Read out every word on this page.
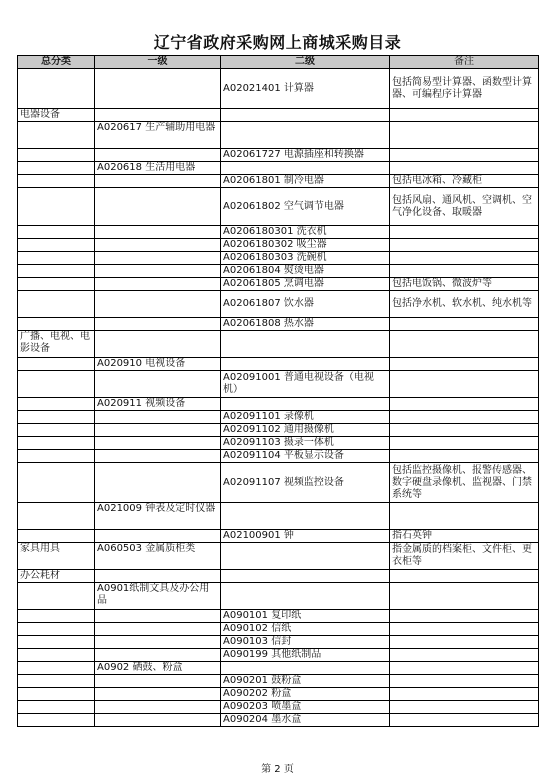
辽宁省政府采购网上商城采购目录
总分类	一级	二级	备注
		A02021401 计算器	包括简易型计算器、函数型计算器、可编程序计算器
电器设备			
	A020617 生产辅助用电器		
		A02061727 电源插座和转换器	
	A020618 生活用电器		
		A02061801 制冷电器	包括电冰箱、冷藏柜
		A02061802 空气调节电器	包括风扇、通风机、空调机、空气净化设备、取暖器
		A0206180301 洗衣机	
		A0206180302 吸尘器	
		A0206180303 洗碗机	
		A02061804 熨烫电器	
		A02061805 烹调电器	包括电饭锅、微波炉等
		A02061807 饮水器	包括净水机、软水机、纯水机等
		A02061808 热水器	
广播、电视、电影设备			
	A020910 电视设备		
		A02091001 普通电视设备（电视机）	
	A020911 视频设备		
		A02091101 录像机	
		A02091102 通用摄像机	
		A02091103 摄录一体机	
		A02091104 平板显示设备	
		A02091107 视频监控设备	包括监控摄像机、报警传感器、数字硬盘录像机、监视器、门禁系统等
	A021009 钟表及定时仪器		
		A02100901 钟	指石英钟
家具用具	A060503 金属质柜类		指金属质的档案柜、文件柜、更衣柜等
办公耗材			
	A0901纸制文具及办公用品		
		A090101 复印纸	
		A090102 信纸	
		A090103 信封	
		A090199 其他纸制品	
	A0902 硒鼓、粉盒		
		A090201 鼓粉盒	
		A090202 粉盒	
		A090203 喷墨盒	
		A090204 墨水盒	
第 2 页
